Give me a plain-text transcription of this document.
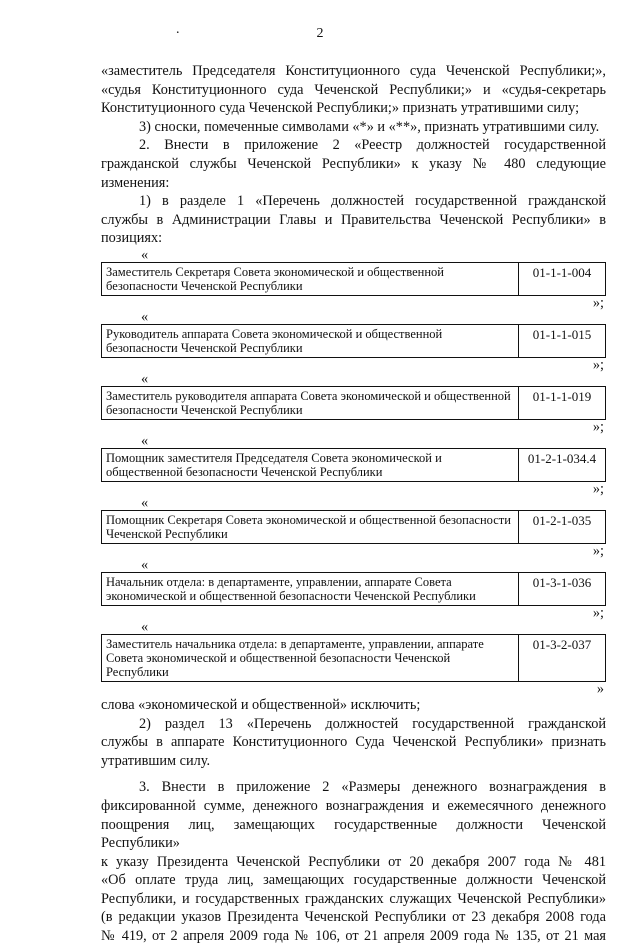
.	2

«заместитель Председателя Конституционного суда Чеченской Республики;»,

«судья Конституционного суда Чеченской Республики;» и «судья-секретарь

Конституционного суда Чеченской Республики;» признать утратившими силу;

3) сноски, помеченные символами «*» и «**», признать утратившими силу.

2. Внести в приложение 2 «Реестр должностей государственной

гражданской службы Чеченской Республики» к указу № 480 следующие изменения:

1) в разделе 1 «Перечень должностей государственной гражданской

службы в Администрации Главы и Правительства Чеченской Республики» в позициях:

«
Заместитель Секретаря Совета экономической и общественной безопасности Чеченской Республики	01-1-1-004
»;
«
Руководитель аппарата Совета экономической и общественной безопасности Чеченской Республики	01-1-1-015
»;
«
Заместитель руководителя аппарата Совета экономической и общественной безопасности Чеченской Республики	01-1-1-019
»;
«
Помощник заместителя Председателя Совета экономической и общественной безопасности Чеченской Республики	01-2-1-034.4
»;
«
Помощник Секретаря Совета экономической и общественной безопасности Чеченской Республики	01-2-1-035
»;
«
Начальник отдела: в департаменте, управлении, аппарате Совета экономической и общественной безопасности Чеченской Республики	01-3-1-036
»;
«
Заместитель начальника отдела: в департаменте, управлении, аппарате Совета экономической и общественной безопасности Чеченской Республики	01-3-2-037
»

слова «экономической и общественной» исключить;

2) раздел 13 «Перечень должностей государственной гражданской

службы в аппарате Конституционного Суда Чеченской Республики» признать

утратившим силу.

3. Внести в приложение 2 «Размеры денежного вознаграждения в

фиксированной сумме, денежного вознаграждения и ежемесячного денежного

поощрения лиц, замещающих государственные должности Чеченской Республики»

к указу Президента Чеченской Республики от 20 декабря 2007 года № 481

«Об оплате труда лиц, замещающих государственные должности Чеченской

Республики, и государственных гражданских служащих Чеченской Республики»

(в редакции указов Президента Чеченской Республики от 23 декабря 2008 года

№ 419, от 2 апреля 2009 года № 106, от 21 апреля 2009 года № 135, от 21 мая
